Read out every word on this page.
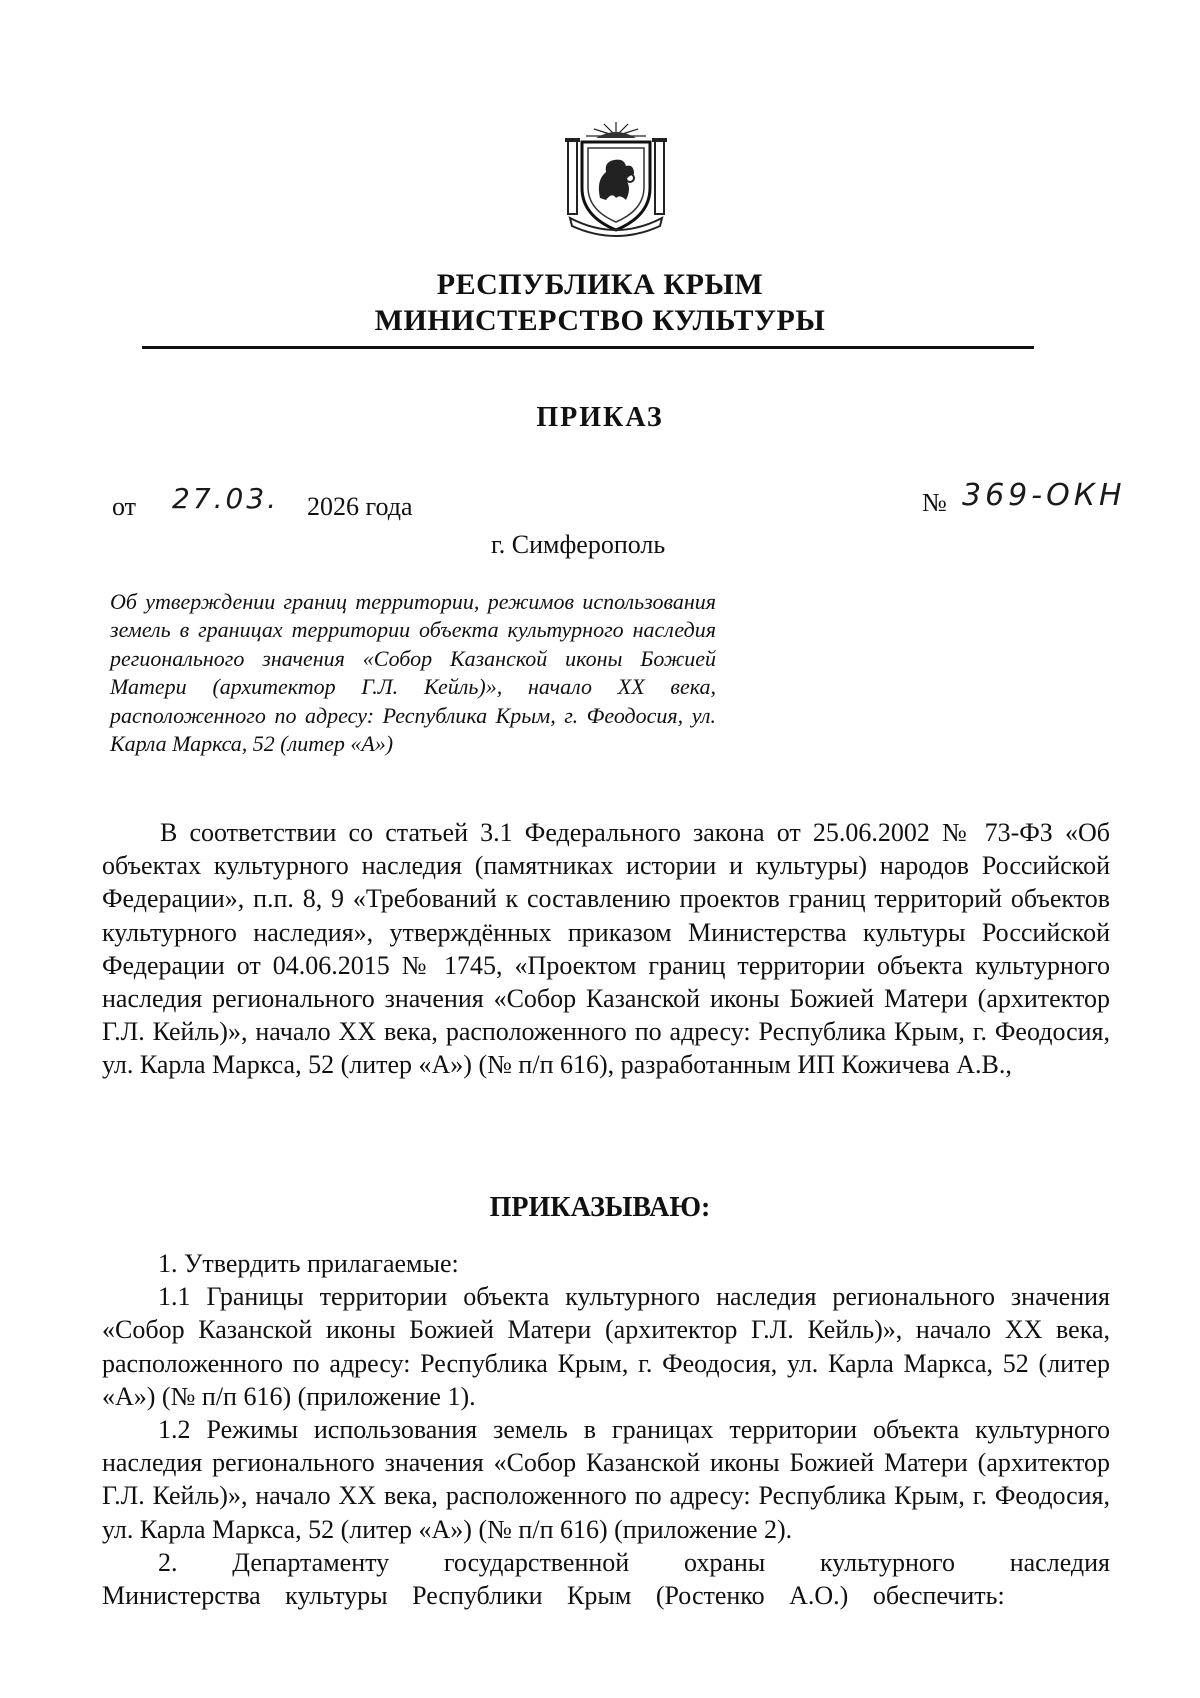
РЕСПУБЛИКА КРЫМ
МИНИСТЕРСТВО КУЛЬТУРЫ
ПРИКАЗ
от 27.03. 2026 года	№ 369-ОКН
г. Симферополь
Об утверждении границ территории, режимов использования земель в границах территории объекта культурного наследия регионального значения «Собор Казанской иконы Божией Матери (архитектор Г.Л. Кейль)», начало XX века, расположенного по адресу: Республика Крым, г. Феодосия, ул. Карла Маркса, 52 (литер «А»)
В соответствии со статьей 3.1 Федерального закона от 25.06.2002 № 73-ФЗ «Об объектах культурного наследия (памятниках истории и культуры) народов Российской Федерации», п.п. 8, 9 «Требований к составлению проектов границ территорий объектов культурного наследия», утверждённых приказом Министерства культуры Российской Федерации от 04.06.2015 № 1745, «Проектом границ территории объекта культурного наследия регионального значения «Собор Казанской иконы Божией Матери (архитектор Г.Л. Кейль)», начало XX века, расположенного по адресу: Республика Крым, г. Феодосия, ул. Карла Маркса, 52 (литер «А») (№ п/п 616), разработанным ИП Кожичева А.В.,
ПРИКАЗЫВАЮ:

1. Утвердить прилагаемые:

1.1 Границы территории объекта культурного наследия регионального значения «Собор Казанской иконы Божией Матери (архитектор Г.Л. Кейль)», начало XX века, расположенного по адресу: Республика Крым, г. Феодосия, ул. Карла Маркса, 52 (литер «А») (№ п/п 616) (приложение 1).

1.2 Режимы использования земель в границах территории объекта культурного наследия регионального значения «Собор Казанской иконы Божией Матери (архитектор Г.Л. Кейль)», начало XX века, расположенного по адресу: Республика Крым, г. Феодосия, ул. Карла Маркса, 52 (литер «А») (№ п/п 616) (приложение 2).

2. Департаменту государственной охраны культурного наследия Министерства культуры Республики Крым (Ростенко А.О.) обеспечить:
